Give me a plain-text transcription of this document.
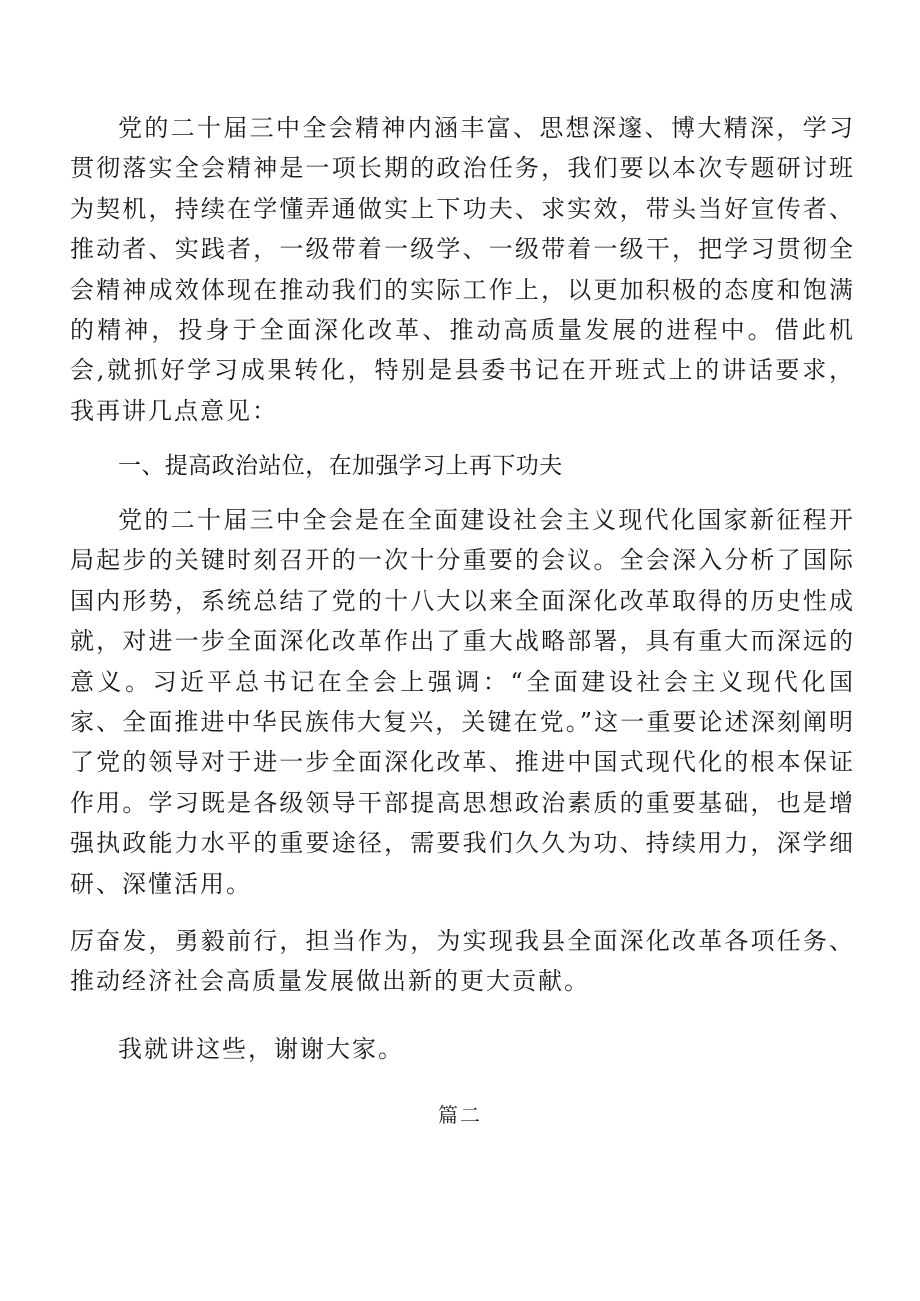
党的二十届三中全会精神内涵丰富、思想深邃、博大精深，学习贯彻落实全会精神是一项长期的政治任务，我们要以本次专题研讨班为契机，持续在学懂弄通做实上下功夫、求实效，带头当好宣传者、推动者、实践者，一级带着一级学、一级带着一级干，把学习贯彻全会精神成效体现在推动我们的实际工作上，以更加积极的态度和饱满的精神，投身于全面深化改革、推动高质量发展的进程中。借此机会,就抓好学习成果转化，特别是县委书记在开班式上的讲话要求，我再讲几点意见：

一、提高政治站位，在加强学习上再下功夫

党的二十届三中全会是在全面建设社会主义现代化国家新征程开局起步的关键时刻召开的一次十分重要的会议。全会深入分析了国际国内形势，系统总结了党的十八大以来全面深化改革取得的历史性成就，对进一步全面深化改革作出了重大战略部署，具有重大而深远的意义。习近平总书记在全会上强调：“全面建设社会主义现代化国家、全面推进中华民族伟大复兴，关键在党。”这一重要论述深刻阐明了党的领导对于进一步全面深化改革、推进中国式现代化的根本保证作用。学习既是各级领导干部提高思想政治素质的重要基础，也是增强执政能力水平的重要途径，需要我们久久为功、持续用力，深学细研、深懂活用。

厉奋发，勇毅前行，担当作为，为实现我县全面深化改革各项任务、推动经济社会高质量发展做出新的更大贡献。

我就讲这些，谢谢大家。
篇二
